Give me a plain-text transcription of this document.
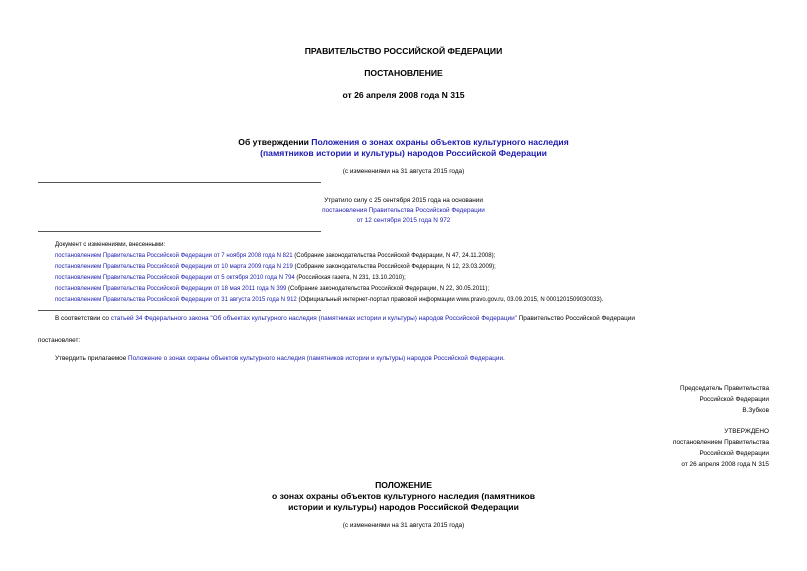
ПРАВИТЕЛЬСТВО РОССИЙСКОЙ ФЕДЕРАЦИИ
ПОСТАНОВЛЕНИЕ
от 26 апреля 2008 года N 315
Об утверждении Положения о зонах охраны объектов культурного наследия
(памятников истории и культуры) народов Российской Федерации
(с изменениями на 31 августа 2015 года)
Утратило силу с 25 сентября 2015 года на основании
постановления Правительства Российской Федерации
от 12 сентября 2015 года N 972
Документ с изменениями, внесенными:
постановлением Правительства Российской Федерации от 7 ноября 2008 года N 821 (Собрание законодательства Российской Федерации, N 47, 24.11.2008);
постановлением Правительства Российской Федерации от 10 марта 2009 года N 219 (Собрание законодательства Российской Федерации, N 12, 23.03.2009);
постановлением Правительства Российской Федерации от 5 октября 2010 года N 794 (Российская газета, N 231, 13.10.2010);
постановлением Правительства Российской Федерации от 18 мая 2011 года N 399 (Собрание законодательства Российской Федерации, N 22, 30.05.2011);
постановлением Правительства Российской Федерации от 31 августа 2015 года N 912 (Официальный интернет-портал правовой информации www.pravo.gov.ru, 03.09.2015, N 0001201509030033).
В соответствии со статьей 34 Федерального закона "Об объектах культурного наследия (памятниках истории и культуры) народов Российской Федерации" Правительство Российской Федерации
постановляет:
Утвердить прилагаемое Положение о зонах охраны объектов культурного наследия (памятников истории и культуры) народов Российской Федерации.
Председатель Правительства
Российской Федерации
В.Зубков
УТВЕРЖДЕНО
постановлением Правительства
Российской Федерации
от 26 апреля 2008 года N 315
ПОЛОЖЕНИЕ
о зонах охраны объектов культурного наследия (памятников
истории и культуры) народов Российской Федерации
(с изменениями на 31 августа 2015 года)
